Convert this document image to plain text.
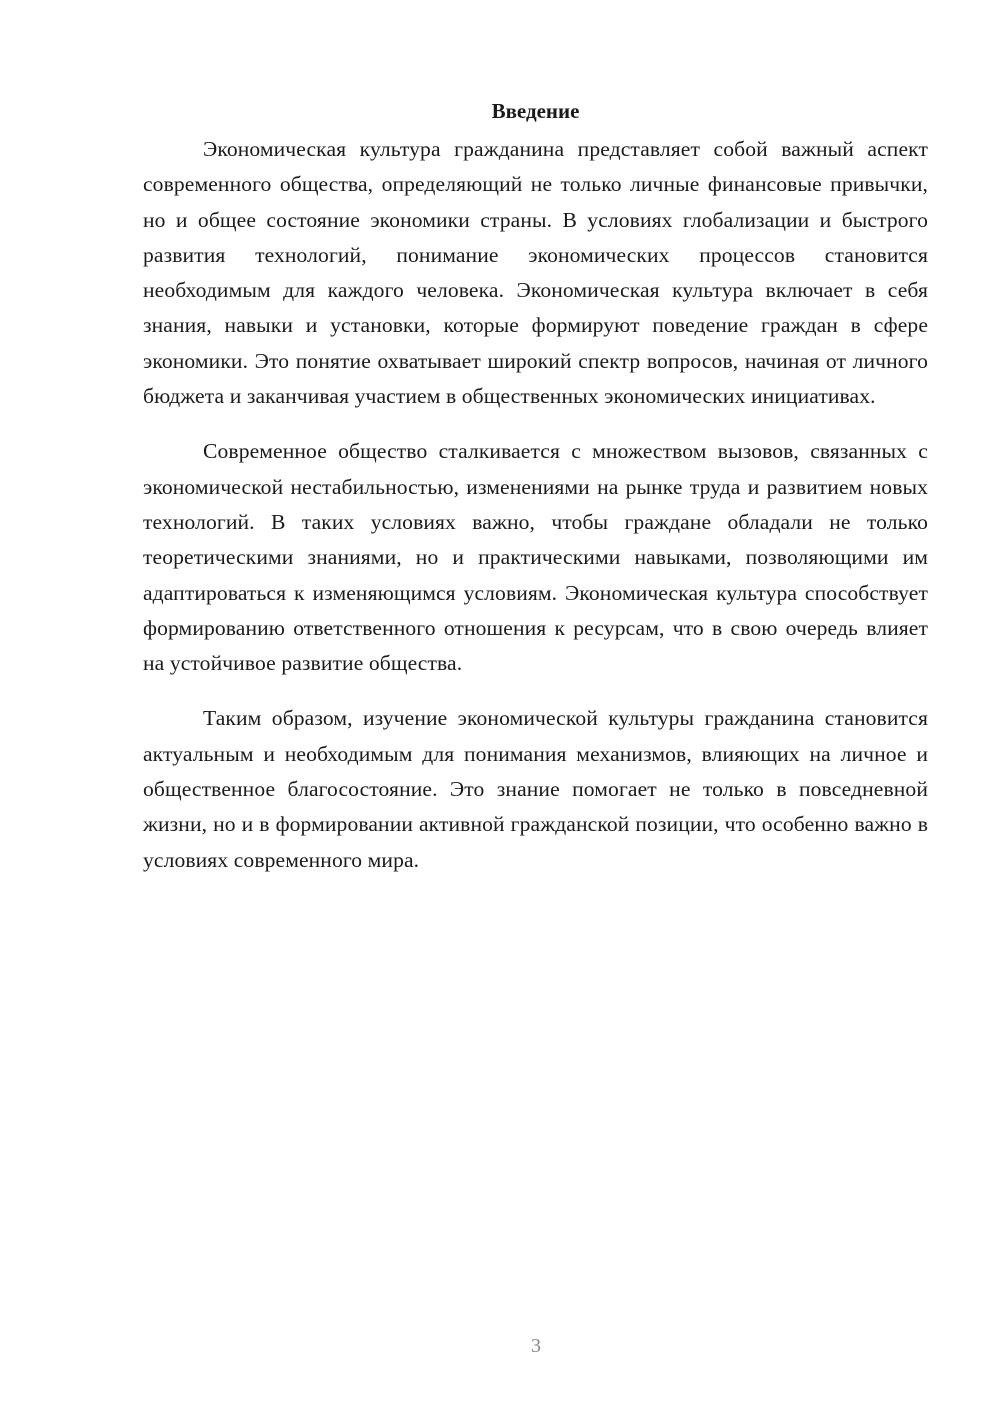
Введение

Экономическая культура гражданина представляет собой важный аспект современного общества, определяющий не только личные финансовые привычки, но и общее состояние экономики страны. В условиях глобализации и быстрого развития технологий, понимание экономических процессов становится необходимым для каждого человека. Экономическая культура включает в себя знания, навыки и установки, которые формируют поведение граждан в сфере экономики. Это понятие охватывает широкий спектр вопросов, начиная от личного бюджета и заканчивая участием в общественных экономических инициативах.

Современное общество сталкивается с множеством вызовов, связанных с экономической нестабильностью, изменениями на рынке труда и развитием новых технологий. В таких условиях важно, чтобы граждане обладали не только теоретическими знаниями, но и практическими навыками, позволяющими им адаптироваться к изменяющимся условиям. Экономическая культура способствует формированию ответственного отношения к ресурсам, что в свою очередь влияет на устойчивое развитие общества.

Таким образом, изучение экономической культуры гражданина становится актуальным и необходимым для понимания механизмов, влияющих на личное и общественное благосостояние. Это знание помогает не только в повседневной жизни, но и в формировании активной гражданской позиции, что особенно важно в условиях современного мира.

3
